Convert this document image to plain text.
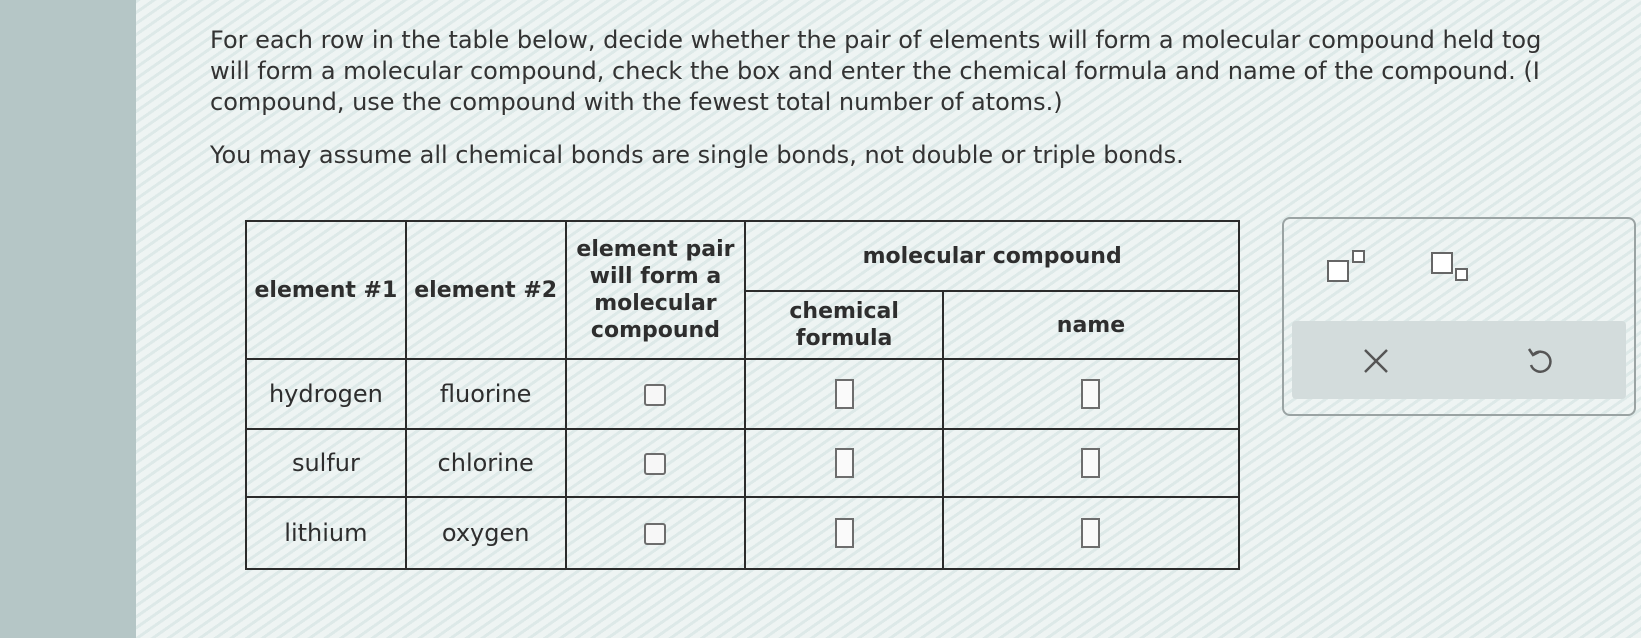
For each row in the table below, decide whether the pair of elements will form a molecular compound held tog
will form a molecular compound, check the box and enter the chemical formula and name of the compound. (I
compound, use the compound with the fewest total number of atoms.)
You may assume all chemical bonds are single bonds, not double or triple bonds.
element #1	element #2	element pair
will form a
molecular
compound	molecular compound	

			chemical
formula	name
hydrogen	fluorine			
sulfur	chlorine			
lithium	oxygen			
